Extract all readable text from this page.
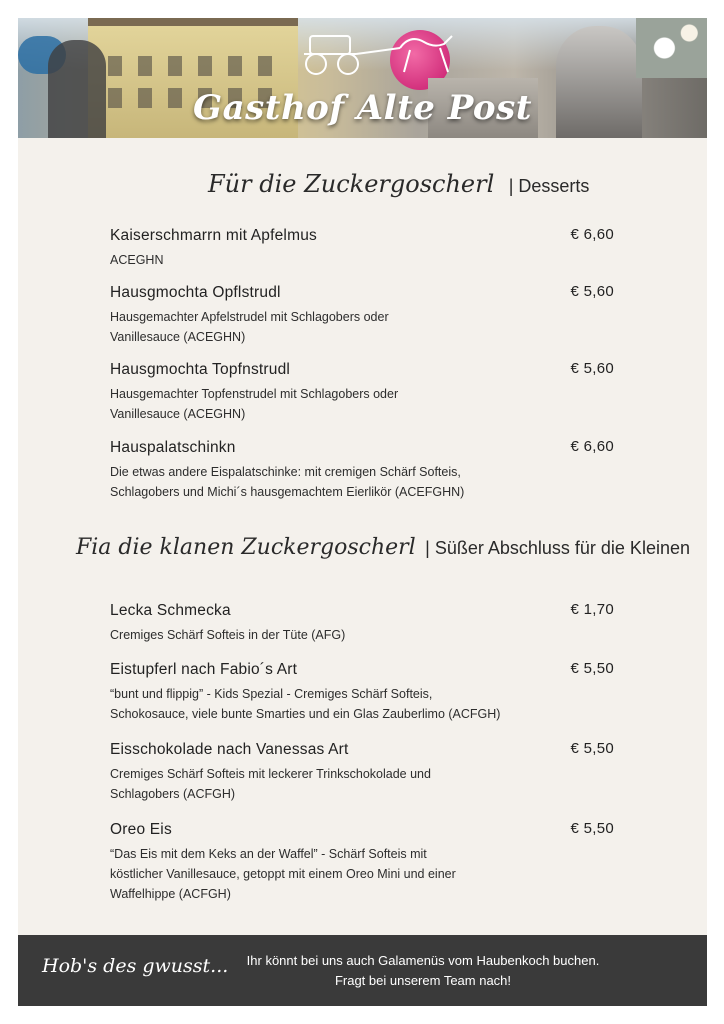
Gasthof Alte Post
Für die Zuckergoscherl   | Desserts
Kaiserschmarrn mit Apfelmus
ACEGHN
€ 6,60
Hausgmochta Opflstrudl
Hausgemachter Apfelstrudel mit Schlagobers oder
Vanillesauce (ACEGHN)
€ 5,60
Hausgmochta Topfnstrudl
Hausgemachter Topfenstrudel mit Schlagobers oder
Vanillesauce (ACEGHN)
€ 5,60
Hauspalatschinkn
Die etwas andere Eispalatschinke: mit cremigen Schärf Softeis,
Schlagobers und Michi´s hausgemachtem Eierlikör (ACEFGHN)
€ 6,60
Fia die klanen Zuckergoscherl  | Süßer Abschluss für die Kleinen
Lecka Schmecka
Cremiges Schärf Softeis in der Tüte (AFG)
€ 1,70
Eistupferl nach Fabio´s Art
“bunt und flippig” - Kids Spezial - Cremiges Schärf Softeis,
Schokosauce, viele bunte Smarties und ein Glas Zauberlimo (ACFGH)
€ 5,50
Eisschokolade nach Vanessas Art
Cremiges Schärf Softeis mit leckerer Trinkschokolade und
Schlagobers (ACFGH)
€ 5,50
Oreo Eis
“Das Eis mit dem Keks an der Waffel” - Schärf Softeis mit
köstlicher Vanillesauce, getoppt mit einem Oreo Mini und einer
Waffelhippe (ACFGH)
€ 5,50
Hob's des gwusst...	Ihr könnt bei uns auch Galamenüs vom Haubenkoch buchen.
Fragt bei unserem Team nach!
